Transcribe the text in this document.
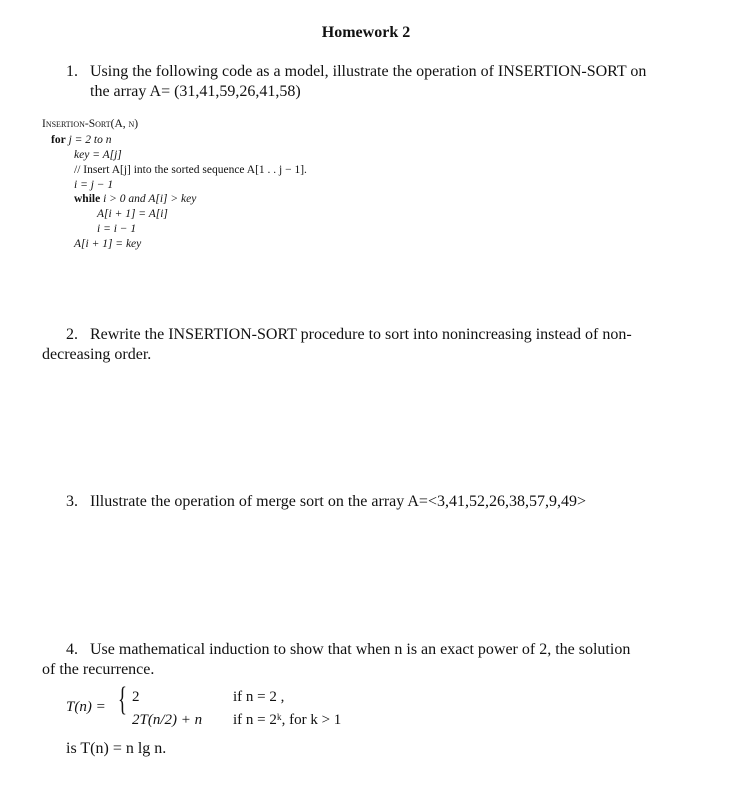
Homework 2
1. Using the following code as a model, illustrate the operation of INSERTION-SORT on
the array A= (31,41,59,26,41,58)
Insertion-Sort(A, n)
for j = 2 to n
key = A[j]
// Insert A[j] into the sorted sequence A[1 . . j − 1].
i = j − 1
while i > 0 and A[i] > key
A[i + 1] = A[i]
i = i − 1
A[i + 1] = key
2. Rewrite the INSERTION-SORT procedure to sort into nonincreasing instead of non-
decreasing order.
3. Illustrate the operation of merge sort on the array A=<3,41,52,26,38,57,9,49>
4. Use mathematical induction to show that when n is an exact power of 2, the solution
of the recurrence.
T(n) = { 2	if n = 2 ,
2T(n/2) + n if n = 2ᵏ, for k > 1
is T(n) = n lg n.
